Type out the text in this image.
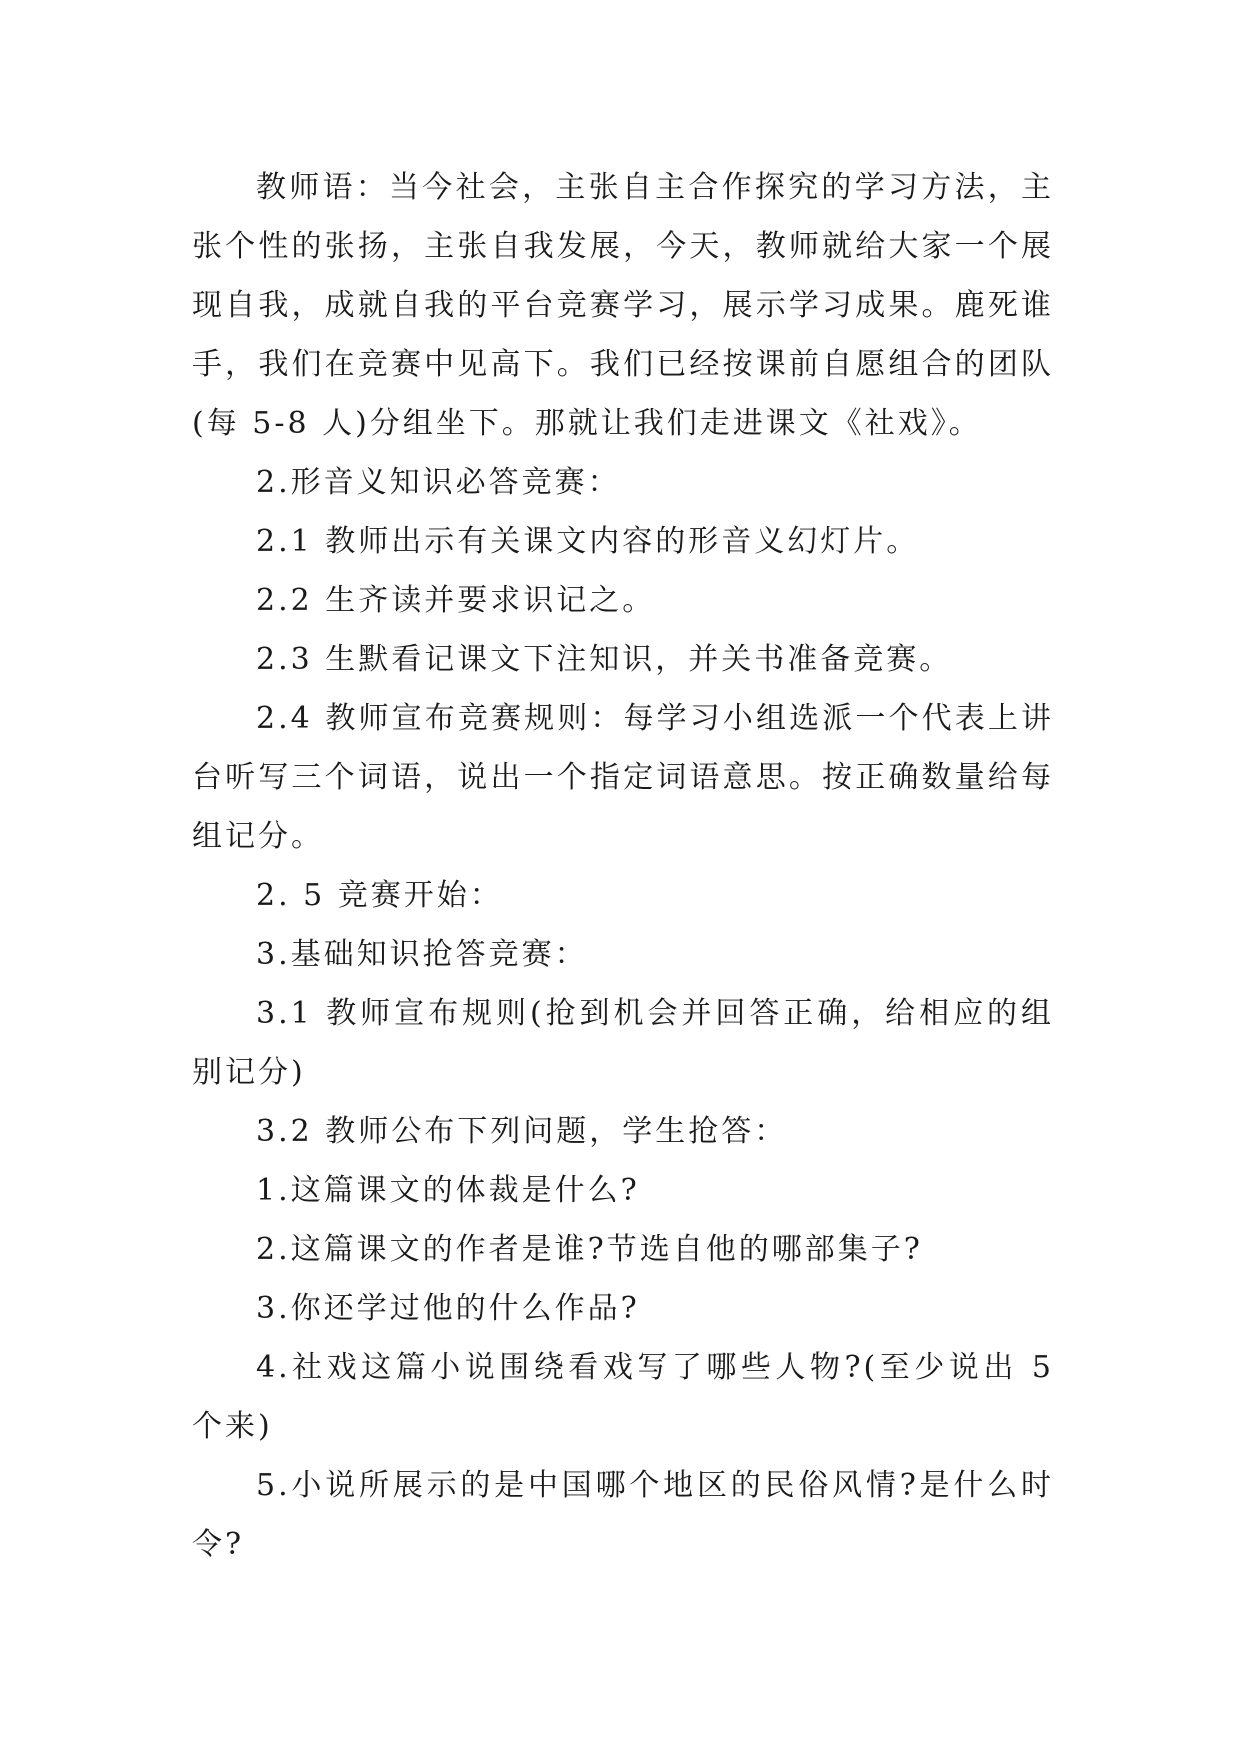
教师语：当今社会，主张自主合作探究的学习方法，主张个性的张扬，主张自我发展，今天，教师就给大家一个展现自我，成就自我的平台竞赛学习，展示学习成果。鹿死谁手，我们在竞赛中见高下。我们已经按课前自愿组合的团队(每 5-8 人)分组坐下。那就让我们走进课文《社戏》。

2.形音义知识必答竞赛：

2.1 教师出示有关课文内容的形音义幻灯片。

2.2 生齐读并要求识记之。

2.3 生默看记课文下注知识，并关书准备竞赛。

2.4 教师宣布竞赛规则：每学习小组选派一个代表上讲台听写三个词语，说出一个指定词语意思。按正确数量给每组记分。

2. 5 竞赛开始：

3.基础知识抢答竞赛：

3.1 教师宣布规则(抢到机会并回答正确，给相应的组别记分)

3.2 教师公布下列问题，学生抢答：

1.这篇课文的体裁是什么?

2.这篇课文的作者是谁?节选自他的哪部集子?

3.你还学过他的什么作品?

4.社戏这篇小说围绕看戏写了哪些人物?(至少说出 5 个来)

5.小说所展示的是中国哪个地区的民俗风情?是什么时令?
